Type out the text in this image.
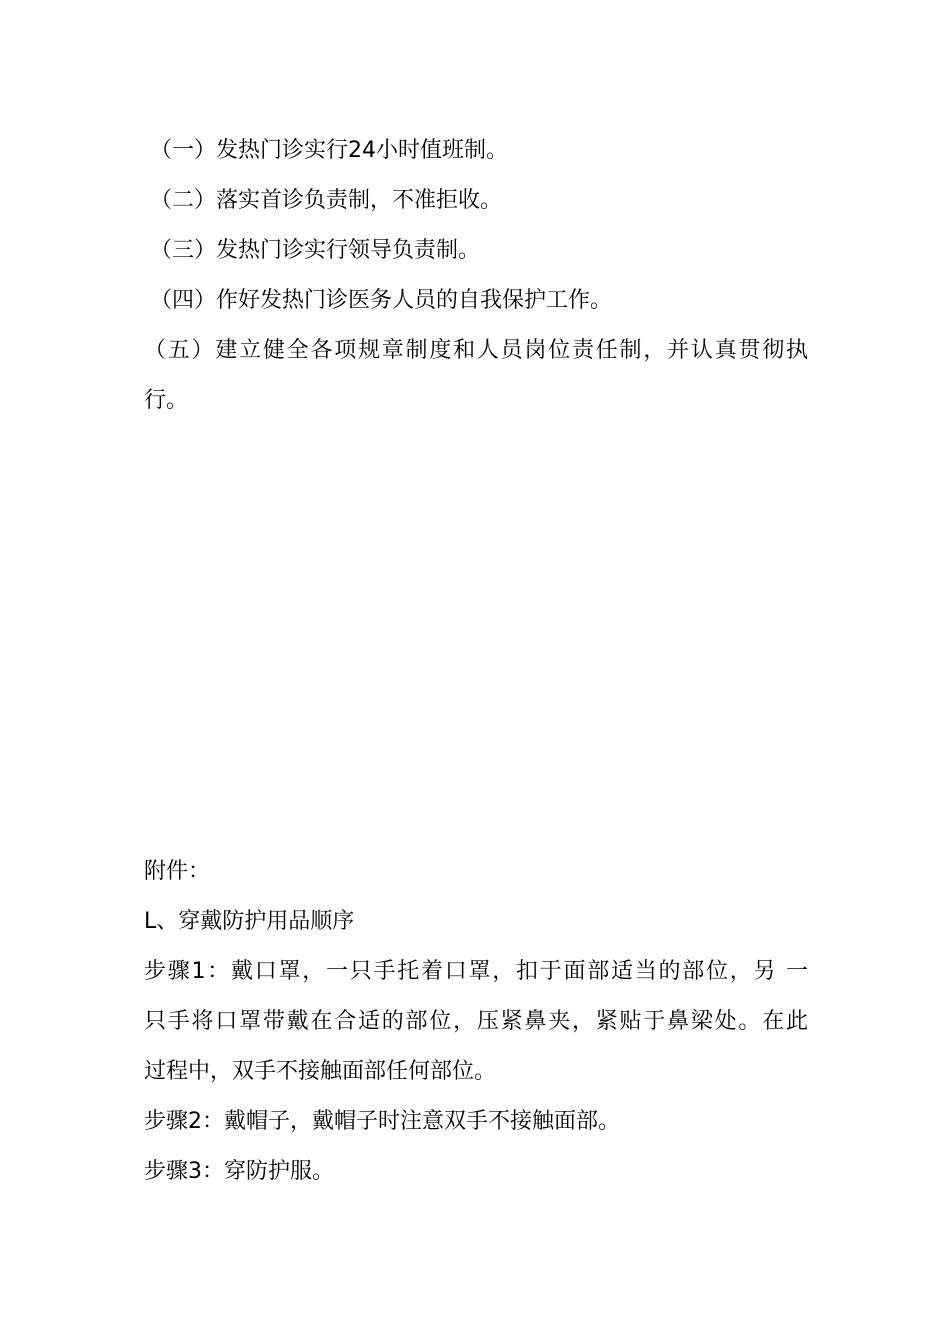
（一）发热门诊实行24小时值班制。
（二）落实首诊负责制，不准拒收。
（三）发热门诊实行领导负责制。
（四）作好发热门诊医务人员的自我保护工作。
（五）建立健全各项规章制度和人员岗位责任制，并认真贯彻执
行。
附件：
L、穿戴防护用品顺序
步骤1：戴口罩，一只手托着口罩，扣于面部适当的部位，另 一
只手将口罩带戴在合适的部位，压紧鼻夹，紧贴于鼻梁处。在此
过程中，双手不接触面部任何部位。
步骤2：戴帽子，戴帽子时注意双手不接触面部。
步骤3：穿防护服。
